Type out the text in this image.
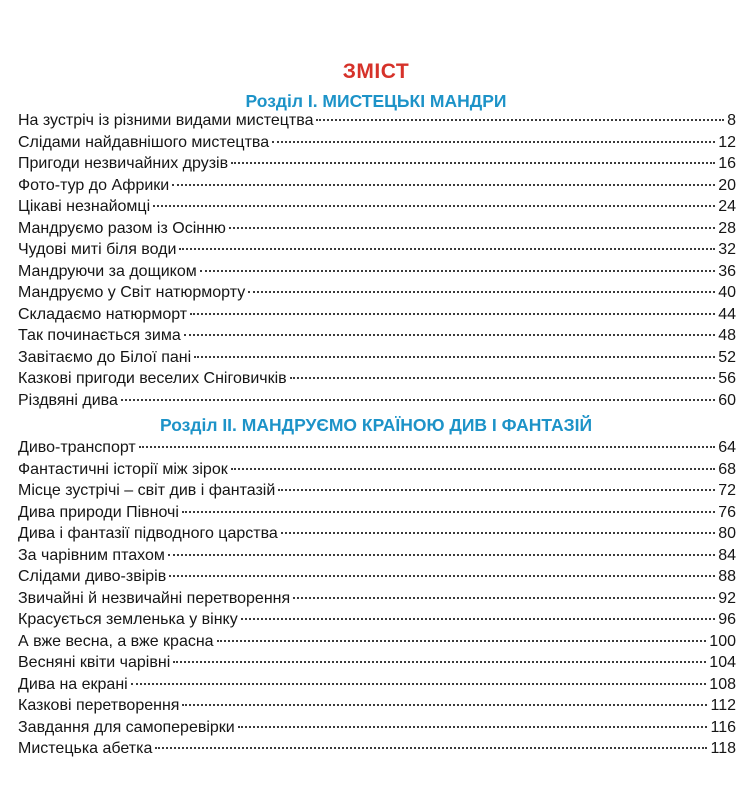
ЗМІСТ
Розділ І. МИСТЕЦЬКІ МАНДРИ
На зустріч із різними видами мистецтва	8
Слідами найдавнішого мистецтва	12
Пригоди незвичайних друзів	16
Фото-тур до Африки	20
Цікаві незнайомці	24
Мандруємо разом із Осінню	28
Чудові миті біля води	32
Мандруючи за дощиком	36
Мандруємо у Світ натюрморту	40
Складаємо натюрморт	44
Так починається зима	48
Завітаємо до Білої пані	52
Казкові пригоди веселих Сніговичків	56
Різдвяні дива	60
Розділ ІІ. МАНДРУЄМО КРАЇНОЮ ДИВ І ФАНТАЗІЙ
Диво-транспорт	64
Фантастичні історії між зірок	68
Місце зустрічі – світ див і фантазій	72
Дива природи Півночі	76
Дива і фантазії підводного царства	80
За чарівним птахом	84
Слідами диво-звірів	88
Звичайні й незвичайні перетворення	92
Красується земленька у вінку	96
А вже весна, а вже красна	100
Весняні квіти чарівні	104
Дива на екрані	108
Казкові перетворення	112
Завдання для самоперевірки	116
Мистецька абетка	118
